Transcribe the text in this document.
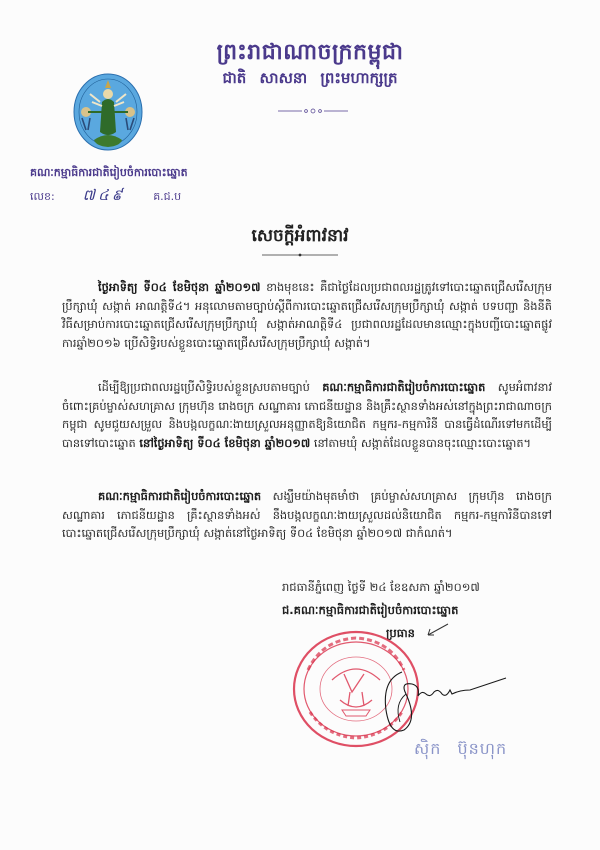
ព្រះរាជាណាចក្រកម្ពុជា
ជាតិ សាសនា ព្រះមហាក្សត្រ
គណៈកម្មាធិការជាតិរៀបចំការបោះឆ្នោត
លេខ: ៧៤៩	គ.ជ.ប
សេចក្តីអំពាវនាវ
ថ្ងៃអាទិត្យ ទី០៤ ខែមិថុនា ឆ្នាំ២០១៧ ខាងមុខនេះ គឺជាថ្ងៃដែលប្រជាពលរដ្ឋត្រូវទៅបោះឆ្នោតជ្រើសរើសក្រុមប្រឹក្សាឃុំ សង្កាត់ អាណត្តិទី៤។ អនុលោមតាមច្បាប់ស្តីពីការបោះឆ្នោតជ្រើសរើសក្រុមប្រឹក្សាឃុំ សង្កាត់ បទបញ្ជា និងនីតិវិធីសម្រាប់ការបោះឆ្នោតជ្រើសរើសក្រុមប្រឹក្សាឃុំ សង្កាត់អាណត្តិទី៤ ប្រជាពលរដ្ឋដែលមានឈ្មោះក្នុងបញ្ជីបោះឆ្នោតផ្លូវការឆ្នាំ២០១៦ ប្រើសិទ្ធិរបស់ខ្លួនបោះឆ្នោតជ្រើសរើសក្រុមប្រឹក្សាឃុំ សង្កាត់។
ដើម្បីឱ្យប្រជាពលរដ្ឋប្រើសិទ្ធិរបស់ខ្លួនស្របតាមច្បាប់ គណៈកម្មាធិការជាតិរៀបចំការបោះឆ្នោត សូមអំពាវនាវចំពោះគ្រប់ម្ចាស់សហគ្រាស ក្រុមហ៊ុន រោងចក្រ សណ្ឋាគារ ភោជនីយដ្ឋាន និងគ្រឹះស្ថានទាំងអស់នៅក្នុងព្រះរាជាណាចក្រកម្ពុជា សូមជួយសម្រួល និងបង្កលក្ខណៈងាយស្រួលអនុញ្ញាតឱ្យនិយោជិត កម្មករ-កម្មការិនី បានធ្វើដំណើរទៅមកដើម្បីបានទៅបោះឆ្នោត នៅថ្ងៃអាទិត្យ ទី០៤ ខែមិថុនា ឆ្នាំ២០១៧ នៅតាមឃុំ សង្កាត់ដែលខ្លួនបានចុះឈ្មោះបោះឆ្នោត។
គណៈកម្មាធិការជាតិរៀបចំការបោះឆ្នោត សង្ឃឹមយ៉ាងមុតមាំថា គ្រប់ម្ចាស់សហគ្រាស ក្រុមហ៊ុន រោងចក្រ សណ្ឋាគារ ភោជនីយដ្ឋាន គ្រឹះស្ថានទាំងអស់ នឹងបង្កលក្ខណៈងាយស្រួលដល់និយោជិត កម្មករ-កម្មការិនីបានទៅបោះឆ្នោតជ្រើសរើសក្រុមប្រឹក្សាឃុំ សង្កាត់នៅថ្ងៃអាទិត្យ ទី០៤ ខែមិថុនា ឆ្នាំ២០១៧ ជាកំណត់។
រាជធានីភ្នំពេញ ថ្ងៃទី ២៤ ខែឧសភា ឆ្នាំ២០១៧
ជ.គណៈកម្មាធិការជាតិរៀបចំការបោះឆ្នោត
ប្រធាន
ស៊ិក ប៊ុនហុក
